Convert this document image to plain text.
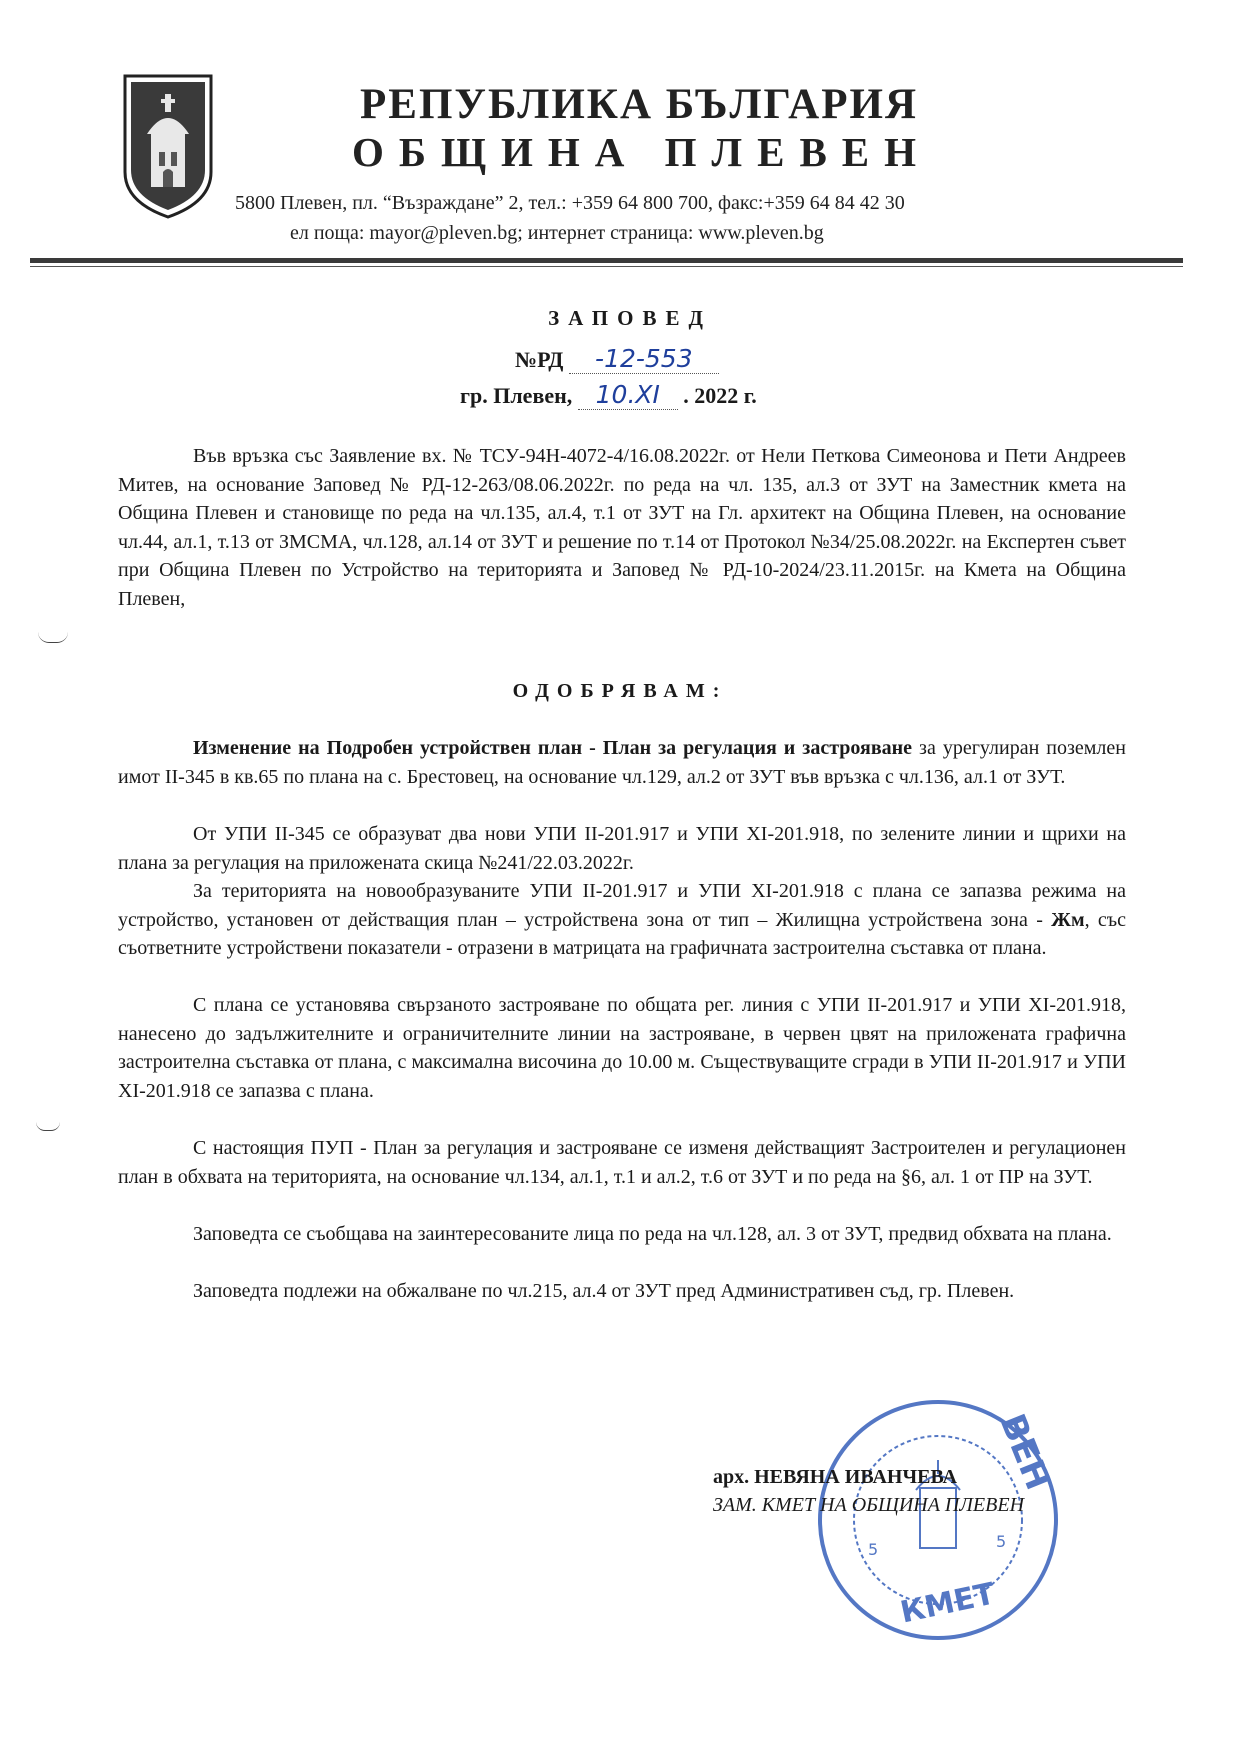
РЕПУБЛИКА БЪЛГАРИЯ
ОБЩИНА ПЛЕВЕН
5800 Плевен, пл. “Възраждане” 2, тел.: +359 64 800 700, факс:+359 64 84 42 30
ел поща: mayor@pleven.bg; интернет страница: www.pleven.bg
ЗАПОВЕД
№РД -12-553
гр. Плевен, 10.XI . 2022 г.

Във връзка със Заявление вх. № ТСУ-94Н-4072-4/16.08.2022г. от Нели Петкова Симеонова и Пети Андреев Митев, на основание Заповед № РД-12-263/08.06.2022г. по реда на чл. 135, ал.3 от ЗУТ на Заместник кмета на Община Плевен и становище по реда на чл.135, ал.4, т.1 от ЗУТ на Гл. архитект на Община Плевен, на основание чл.44, ал.1, т.13 от ЗМСМА, чл.128, ал.14 от ЗУТ и решение по т.14 от Протокол №34/25.08.2022г. на Експертен съвет при Община Плевен по Устройство на територията и Заповед № РД-10-2024/23.11.2015г. на Кмета на Община Плевен,

ОДОБРЯВАМ:

Изменение на Подробен устройствен план - План за регулация и застрояване за урегулиран поземлен имот II-345 в кв.65 по плана на с. Брестовец, на основание чл.129, ал.2 от ЗУТ във връзка с чл.136, ал.1 от ЗУТ.

От УПИ II-345 се образуват два нови УПИ II-201.917 и УПИ XI-201.918, по зелените линии и щрихи на плана за регулация на приложената скица №241/22.03.2022г.

За територията на новообразуваните УПИ II-201.917 и УПИ XI-201.918 с плана се запазва режима на устройство, установен от действащия план – устройствена зона от тип – Жилищна устройствена зона - Жм, със съответните устройствени показатели - отразени в матрицата на графичната застроителна съставка от плана.

С плана се установява свързаното застрояване по общата рег. линия с УПИ II-201.917 и УПИ XI-201.918, нанесено до задължителните и ограничителните линии на застрояване, в червен цвят на приложената графична застроителна съставка от плана, с максимална височина до 10.00 м. Съществуващите сгради в УПИ II-201.917 и УПИ XI-201.918 се запазва с плана.

С настоящия ПУП - План за регулация и застрояване се изменя действащият Застроителен и регулационен план в обхвата на територията, на основание чл.134, ал.1, т.1 и ал.2, т.6 от ЗУТ и по реда на §6, ал. 1 от ПР на ЗУТ.

Заповедта се съобщава на заинтересованите лица по реда на чл.128, ал. 3 от ЗУТ, предвид обхвата на плана.

Заповедта подлежи на обжалване по чл.215, ал.4 от ЗУТ пред Административен съд, гр. Плевен.

ВЕН
КМЕТ
5	5
арх. НЕВЯНА ИВАНЧЕВА
ЗАМ. КМЕТ НА ОБЩИНА ПЛЕВЕН
